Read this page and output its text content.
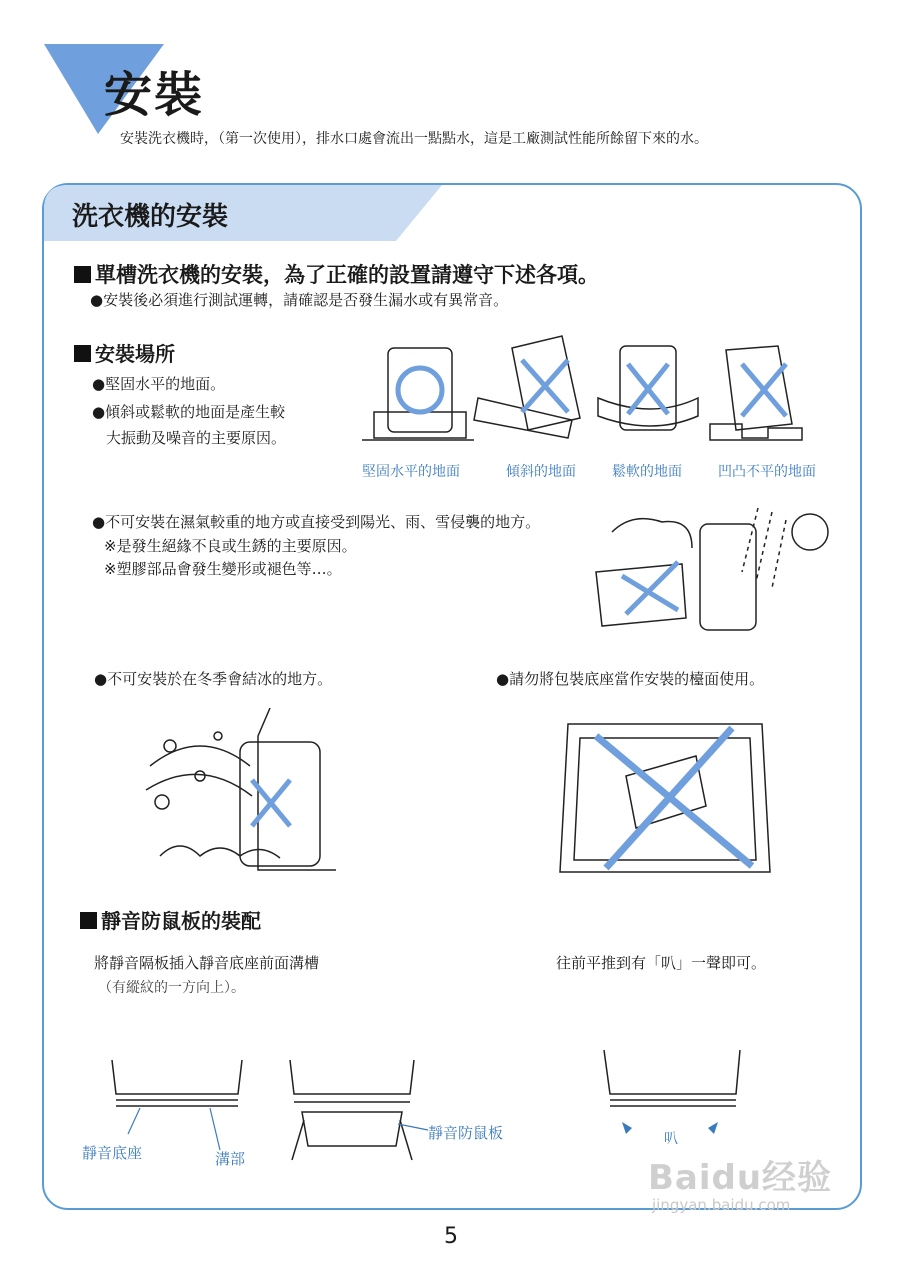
安裝
安裝洗衣機時，（第一次使用），排水口處會流出一點點水，這是工廠測試性能所餘留下來的水。
洗衣機的安裝
單槽洗衣機的安裝，為了正確的設置請遵守下述各項。
●安裝後必須進行測試運轉，請確認是否發生漏水或有異常音。
安裝場所
●堅固水平的地面。
●傾斜或鬆軟的地面是產生較
大振動及噪音的主要原因。
堅固水平的地面	傾斜的地面	鬆軟的地面	凹凸不平的地面
●不可安裝在濕氣較重的地方或直接受到陽光、雨、雪侵襲的地方。
※是發生絕緣不良或生銹的主要原因。
※塑膠部品會發生變形或褪色等…。
●不可安裝於在冬季會結冰的地方。	●請勿將包裝底座當作安裝的檯面使用。
靜音防鼠板的裝配
將靜音隔板插入靜音底座前面溝槽
（有縱紋的一方向上）。
往前平推到有「叭」一聲即可。
靜音底座	溝部
靜音防鼠板	叭
Baidu经验
jingyan.baidu.com
5
